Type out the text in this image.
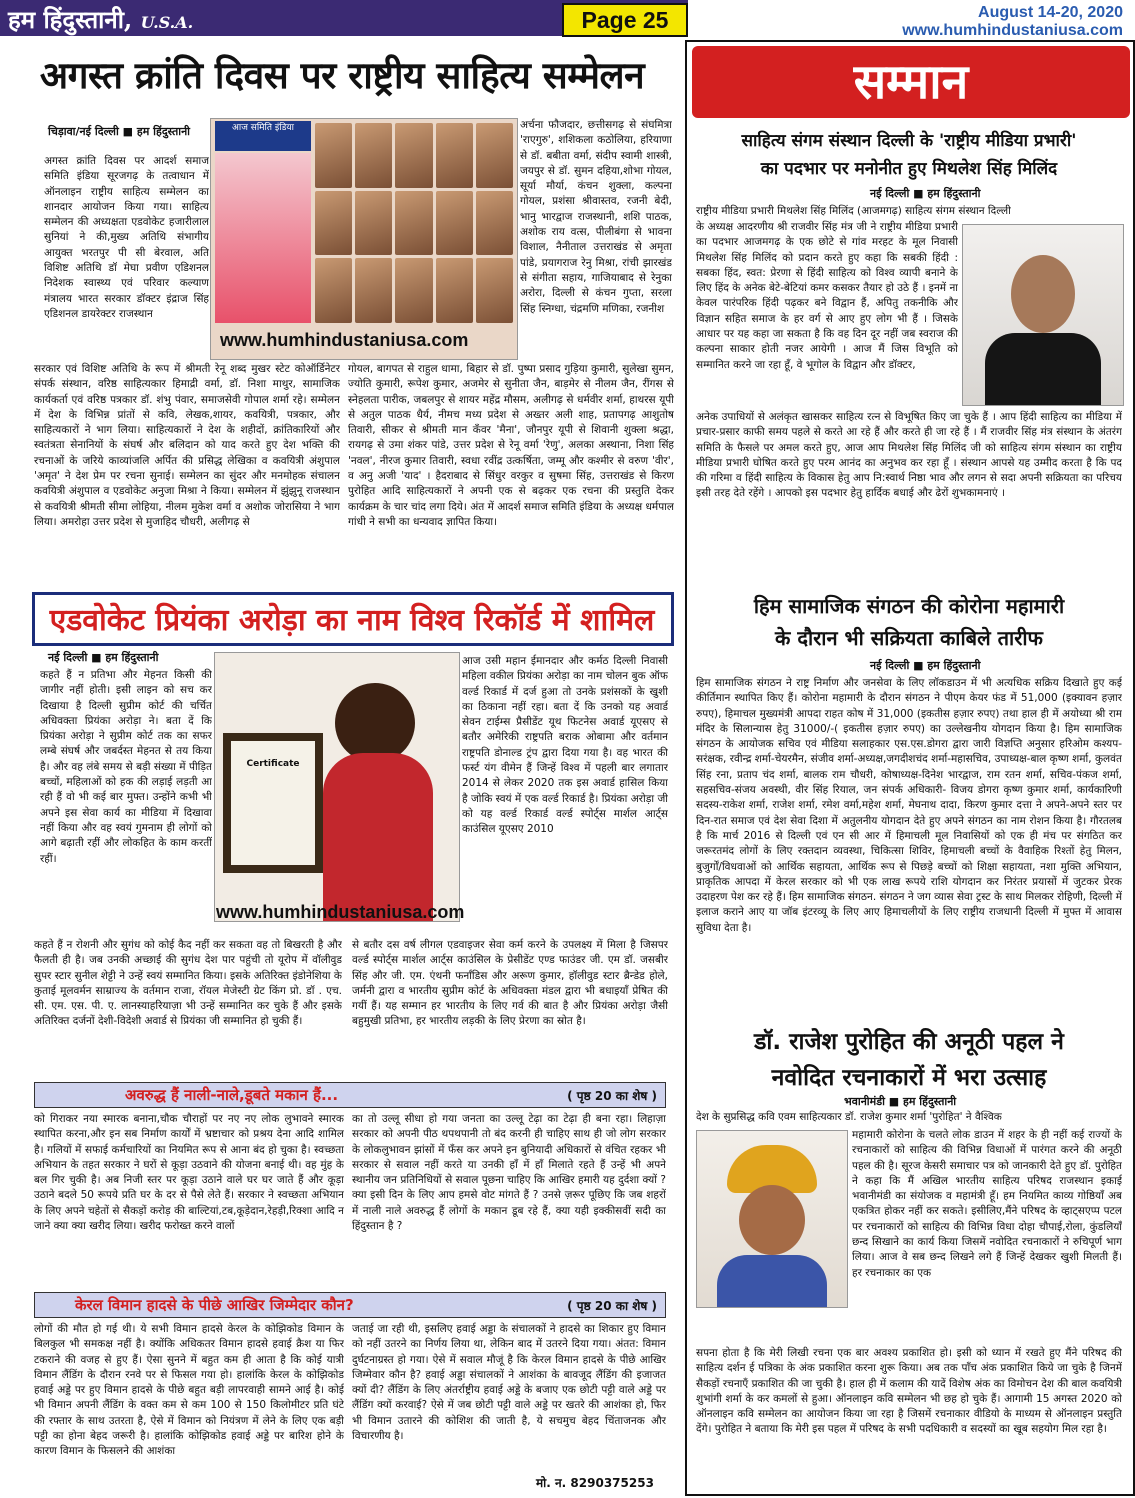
हम हिंदुस्तानी, U.S.A.	Page 25	August 14-20, 2020
www.humhindustaniusa.com
अगस्त क्रांति दिवस पर राष्ट्रीय साहित्य सम्मेलन
चिड़ावा/नई दिल्ली ■ हम हिंदुस्तानी
अगस्त क्रांति दिवस पर आदर्श समाज समिति इंडिया सूरजगढ़ के तत्वाधान में ऑनलाइन राष्ट्रीय साहित्य सम्मेलन का शानदार आयोजन किया गया। साहित्य सम्मेलन की अध्यक्षता एडवोकेट हजारीलाल सुनियां ने की,मुख्य अतिथि संभागीय आयुक्त भरतपुर पी सी बेरवाल, अति विशिष्ट अतिथि डॉ मेघा प्रवीण एडिशनल निदेशक स्वास्थ्य एवं परिवार कल्याण मंत्रालय भारत सरकार डॉक्टर इंद्राज सिंह एडिशनल डायरेक्टर राजस्थान
आज समिति इंडिया
www.humhindustaniusa.com
अर्चना फौजदार, छत्तीसगढ़ से संघमित्रा 'राएगुरु', शशिकला कठोलिया, हरियाणा से डॉ. बबीता वर्मा, संदीप स्वामी शास्त्री, जयपुर से डॉ. सुमन दहिया,शोभा गोयल, सूर्या मौर्या, कंचन शुक्ला, कल्पना गोयल, प्रशंसा श्रीवास्तव, रजनी बेदी, भानु भारद्वाज राजस्थानी, शशि पाठक, अशोक राय वत्स, पीलीबंगा से भावना विशाल, नैनीताल उत्तराखंड से अमृता पांडे, प्रयागराज रेनु मिश्रा, रांची झारखंड से संगीता सहाय, गाजियाबाद से रेनुका अरोरा, दिल्ली से कंचन गुप्ता, सरला सिंह स्निग्धा, चंद्रमणि मणिका, रजनीश
सरकार एवं विशिष्ट अतिथि के रूप में श्रीमती रेनू शब्द मुखर स्टेट कोऑर्डिनेटर संपर्क संस्थान, वरिष्ठ साहित्यकार हिमाद्री वर्मा, डॉ. निशा माथुर, सामाजिक कार्यकर्ता एवं वरिष्ठ पत्रकार डॉ. शंभु पंवार, समाजसेवी गोपाल शर्मा रहे। सम्मेलन में देश के विभिन्न प्रांतों से कवि, लेखक,शायर, कवयित्री, पत्रकार, और साहित्यकारों ने भाग लिया। साहित्यकारों ने देश के शहीदों, क्रांतिकारियों और स्वतंत्रता सेनानियों के संघर्ष और बलिदान को याद करते हुए देश भक्ति की रचनाओं के जरिये काव्यांजलि अर्पित की प्रसिद्ध लेखिका व कवयित्री अंशुपाल 'अमृत' ने देश प्रेम पर रचना सुनाई। सम्मेलन का सुंदर और मनमोहक संचालन कवयित्री अंशुपाल व एडवोकेट अनुजा मिश्रा ने किया। सम्मेलन में झुंझुनू राजस्थान से कवयित्री श्रीमती सीमा लोहिया, नीलम मुकेश वर्मा व अशोक जोरासिया ने भाग लिया। अमरोहा उत्तर प्रदेश से मुजाहिद चौधरी, अलीगढ़ से
गोयल, बागपत से राहुल धामा, बिहार से डॉ. पुष्पा प्रसाद गुड़िया कुमारी, सुलेखा सुमन, ज्योति कुमारी, रूपेश कुमार, अजमेर से सुनीता जैन, बाड़मेर से नीलम जैन, रींगस से स्नेहलता पारीक, जबलपुर से शायर महेंद्र मौसम, अलीगढ़ से धर्मवीर शर्मा, हाथरस यूपी से अतुल पाठक धैर्य, नीमच मध्य प्रदेश से अख्तर अली शाह, प्रतापगढ़ आशुतोष तिवारी, सीकर से श्रीमती मान कँवर 'मैना', जौनपुर यूपी से शिवानी शुक्ला श्रद्धा, रायगढ़ से उमा शंकर पांडे, उत्तर प्रदेश से रेनू वर्मा 'रेणु', अलका अस्थाना, निशा सिंह 'नवल', नीरज कुमार तिवारी, स्वधा रवींद्र उत्कर्षिता, जम्मू और कश्मीर से वरुण 'वीर', व अनु अजी 'याद' । हैदराबाद से सिंधुर वरकुर व सुषमा सिंह, उत्तराखंड से किरण पुरोहित आदि साहित्यकारों ने अपनी एक से बढ़कर एक रचना की प्रस्तुति देकर कार्यक्रम के चार चांद लगा दिये। अंत में आदर्श समाज समिति इंडिया के अध्यक्ष धर्मपाल गांधी ने सभी का धन्यवाद ज्ञापित किया।
एडवोकेट प्रियंका अरोड़ा का नाम विश्व रिकॉर्ड में शामिल
नई दिल्ली ■ हम हिंदुस्तानी
कहते हैं न प्रतिभा और मेहनत किसी की जागीर नहीं होती। इसी लाइन को सच कर दिखाया है दिल्ली सुप्रीम कोर्ट की चर्चित अधिवक्ता प्रियंका अरोड़ा ने। बता दें कि प्रियंका अरोड़ा ने सुप्रीम कोर्ट तक का सफर लम्बे संघर्ष और जबर्दस्त मेहनत से तय किया है। और वह लंबे समय से बड़ी संख्या में पीड़ित बच्चों, महिलाओं को हक की लड़ाई लड़ती आ रही हैं वो भी कई बार मुफ्त। उन्होंने कभी भी अपने इस सेवा कार्य का मीडिया में दिखावा नहीं किया और वह स्वयं गुमनाम ही लोगों को आगे बढ़ाती रहीं और लोकहित के काम करतीं रहीं।
Certificate
www.humhindustaniusa.com
आज उसी महान ईमानदार और कर्मठ दिल्ली निवासी महिला वकील प्रियंका अरोड़ा का नाम चोलन बुक ऑफ वर्ल्ड रिकार्ड में दर्ज हुआ तो उनके प्रशंसकों के खुशी का ठिकाना नहीं रहा। बता दें कि उनको यह अवार्ड सेवन टाईम्स प्रैसीडेंट यूथ फिटनेस अवार्ड यूएसए से बतौर अमेरिकी राष्ट्रपति बराक ओबामा और वर्तमान राष्ट्रपति डोनाल्ड ट्रंप द्वारा दिया गया है। वह भारत की फर्स्ट यंग वीमेन हैं जिन्हें विश्व में पहली बार लगातार 2014 से लेकर 2020 तक इस अवार्ड हासिल किया है जोकि स्वयं में एक वर्ल्ड रिकार्ड है। प्रियंका अरोड़ा जी को यह वर्ल्ड रिकार्ड वर्ल्ड स्पोर्ट्स मार्शल आर्ट्स काउंसिल यूएसए 2010
कहते हैं न रोशनी और सुगंध को कोई कैद नहीं कर सकता वह तो बिखरती है और फैलती ही है। जब उनकी अच्छाई की सुगंध देश पार पहुंची तो यूरोप में वॉलीवुड सुपर स्टार सुनील शेट्टी ने उन्हें स्वयं सम्मानित किया। इसके अतिरिक्त इंडोनेशिया के कुताई मूलवर्मन साम्राज्य के वर्तमान राजा, रॉयल मेजेस्टी ग्रेट किंग प्रो. डॉ . एच. सी. एम. एस. पी. ए. लानस्याहरियाज़ा भी उन्हें सम्मानित कर चुके हैं और इसके अतिरिक्त दर्जनों देशी-विदेशी अवार्ड से प्रियंका जी सम्मानित हो चुकी हैं।
से बतौर दस वर्ष लीगल एडवाइजर सेवा कर्म करने के उपलक्ष्य में मिला है जिसपर वर्ल्ड स्पोर्ट्स मार्शल आर्ट्स काउंसिल के प्रेसीडेंट एण्ड फाउंडर जी. एम डॉ. जसबीर सिंह और जी. एम. एंथनी फर्नांडिस और अरूण कुमार, हॉलीवुड स्टार ब्रैन्डेड होले, जर्मनी द्वारा व भारतीय सुप्रीम कोर्ट के अधिवक्ता मंडल द्वारा भी बधाइयाँ प्रेषित की गयीं हैं। यह सम्मान हर भारतीय के लिए गर्व की बात है और प्रियंका अरोड़ा जैसी बहुमुखी प्रतिभा, हर भारतीय लड़की के लिए प्रेरणा का स्रोत है।
अवरुद्ध हैं नाली-नाले,डूबते मकान हैं...	( पृष्ठ 20 का शेष )
को गिराकर नया स्मारक बनाना,चौक चौराहों पर नए नए लोक लुभावने स्मारक स्थापित करना,और इन सब निर्माण कार्यों में भ्रष्टाचार को प्रश्रय देना आदि शामिल है। गलियों में सफाई कर्मचारियों का नियमित रूप से आना बंद हो चुका है। स्वच्छता अभियान के तहत सरकार ने घरों से कूड़ा उठवाने की योजना बनाई थी। वह मुंह के बल गिर चुकी है। अब निजी स्तर पर कूड़ा उठाने वाले घर घर जाते हैं और कूड़ा उठाने बदले 50 रूपये प्रति घर के दर से पैसे लेते हैं। सरकार ने स्वच्छता अभियान के लिए अपने चहेतों से सैकड़ों करोड़ की बाल्टियां,टब,कूड़ेदान,रेहड़ी,रिक्शा आदि न जाने क्या क्या खरीद लिया। खरीद फरोख्त करने वालों
का तो उल्लू सीधा हो गया जनता का उल्लू टेढ़ा का टेढ़ा ही बना रहा। लिहाज़ा सरकार को अपनी पीठ थपथपानी तो बंद करनी ही चाहिए साथ ही जो लोग सरकार के लोकलुभावन झांसों में फँस कर अपने इन बुनियादी अधिकारों से वंचित रहकर भी सरकार से सवाल नहीं करते या उनकी हाँ में हाँ मिलाते रहते हैं उन्हें भी अपने स्थानीय जन प्रतिनिधियों से सवाल पूछना चाहिए कि आखिर हमारी यह दुर्दशा क्यों ?क्या इसी दिन के लिए आप हमसे वोट मांगते हैं ? उनसे ज़रूर पूछिए कि जब शहरों में नाली नाले अवरुद्ध हैं लोगों के मकान डूब रहे हैं, क्या यही इक्कीसवीं सदी का हिंदुस्तान है ?
केरल विमान हादसे के पीछे आखिर जिम्मेदार कौन?	( पृष्ठ 20 का शेष )
लोगों की मौत हो गई थी। ये सभी विमान हादसे केरल के कोझिकोड विमान के बिलकुल भी समकक्ष नहीं है। क्योंकि अधिकतर विमान हादसे हवाई क्रैश या फिर टकराने की वजह से हुए हैं। ऐसा सुनने में बहुत कम ही आता है कि कोई यात्री विमान लैंडिंग के दौरान रनवे पर से फिसल गया हो। हालांकि केरल के कोझिकोड हवाई अड्डे पर हुए विमान हादसे के पीछे बहुत बड़ी लापरवाही सामने आई है। कोई भी विमान अपनी लैंडिंग के वक्त कम से कम 100 से 150 किलोमीटर प्रति घंटे की रफ्तार के साथ उतरता है, ऐसे में विमान को नियंत्रण में लेने के लिए एक बड़ी पट्टी का होना बेहद जरूरी है। हालांकि कोझिकोड हवाई अड्डे पर बारिश होने के कारण विमान के फिसलने की आशंका
जताई जा रही थी, इसलिए हवाई अड्डा के संचालकों ने हादसे का शिकार हुए विमान को नहीं उतरने का निर्णय लिया था, लेकिन बाद में उतरने दिया गया। अंतत: विमान दुर्घटनाग्रस्त हो गया। ऐसे में सवाल मौजूं है कि केरल विमान हादसे के पीछे आखिर जिम्मेवार कौन है? हवाई अड्डा संचालकों ने आशंका के बावजूद लैंडिंग की इजाजत क्यों दी? लैंडिंग के लिए अंतर्राष्ट्रीय हवाई अड्डे के बजाए एक छोटी पट्टी वाले अड्डे पर लैंडिंग क्यों करवाई? ऐसे में जब छोटी पट्टी वाले अड्डे पर खतरे की आशंका हो, फिर भी विमान उतारने की कोशिश की जाती है, ये सचमुच बेहद चिंताजनक और विचारणीय है।
मो. न. 8290375253
सम्मान
साहित्य संगम संस्थान दिल्ली के 'राष्ट्रीय मीडिया प्रभारी'
का पदभार पर मनोनीत हुए मिथलेश सिंह मिलिंद
नई दिल्ली ■ हम हिंदुस्तानी
राष्ट्रीय मीडिया प्रभारी मिथलेश सिंह मिलिंद (आजमगढ़) साहित्य संगम संस्थान दिल्ली
के अध्यक्ष आदरणीय श्री राजवीर सिंह मंत्र जी ने राष्ट्रीय मीडिया प्रभारी का पदभार आजमगढ़ के एक छोटे से गांव मरहट के मूल निवासी मिथलेश सिंह मिलिंद को प्रदान करते हुए कहा कि सबकी हिंदी : सबका हिंद, स्वत: प्रेरणा से हिंदी साहित्य को विश्व व्यापी बनाने के लिए हिंद के अनेक बेटे-बेटियां कमर कसकर तैयार हो उठे हैं । इनमें ना केवल पारंपरिक हिंदी पढ़कर बने विद्वान हैं, अपितु तकनीकि और विज्ञान सहित समाज के हर वर्ग से आए हुए लोग भी हैं । जिसके आधार पर यह कहा जा सकता है कि वह दिन दूर नहीं जब स्वराज की कल्पना साकार होती नजर आयेगी । आज मैं जिस विभूति को सम्मानित करने जा रहा हूँ, वे भूगोल के विद्वान और डॉक्टर,
अनेक उपाधियों से अलंकृत खासकर साहित्य रत्न से विभूषित किए जा चुके हैं । आप हिंदी साहित्य का मीडिया में प्रचार-प्रसार काफी समय पहले से करते आ रहे हैं और करते ही जा रहे हैं । मैं राजवीर सिंह मंत्र संस्थान के अंतरंग समिति के फैसले पर अमल करते हुए, आज आप मिथलेश सिंह मिलिंद जी को साहित्य संगम संस्थान का राष्ट्रीय मीडिया प्रभारी घोषित करते हुए परम आनंद का अनुभव कर रहा हूँ । संस्थान आपसे यह उम्मीद करता है कि पद की गरिमा व हिंदी साहित्य के विकास हेतु आप नि:स्वार्थ निष्ठा भाव और लगन से सदा अपनी सक्रियता का परिचय इसी तरह देते रहेंगे । आपको इस पदभार हेतु हार्दिक बधाई और ढेरों शुभकामनाएं ।
हिम सामाजिक संगठन की कोरोना महामारी
के दौरान भी सक्रियता काबिले तारीफ
नई दिल्ली ■ हम हिंदुस्तानी
हिम सामाजिक संगठन ने राष्ट्र निर्माण और जनसेवा के लिए लॉकडाउन में भी अत्यधिक सक्रिय दिखाते हुए कई कीर्तिमान स्थापित किए हैं। कोरोना महामारी के दौरान संगठन ने पीएम केयर फंड में 51,000 (इक्यावन हज़ार रुपए), हिमाचल मुख्यमंत्री आपदा राहत कोष में 31,000 (इकतीस हज़ार रुपए) तथा हाल ही में अयोध्या श्री राम मंदिर के सिलान्यास हेतु 31000/-( इकतीस हज़ार रुपए) का उल्लेखनीय योगदान किया है। हिम सामाजिक संगठन के आयोजक सचिव एवं मीडिया सलाहकार एस.एस.डोगरा द्वारा जारी विज्ञप्ति अनुसार हरिओम कश्यप-सरंक्षक, रवीन्द्र शर्मा-चेयरमैन, संजीव शर्मा-अध्यक्ष,जगदीशचंद शर्मा-महासचिव, उपाध्यक्ष-बाल कृष्ण शर्मा, कुलवंत सिंह रना, प्रताप चंद शर्मा, बालक राम चौधरी, कोषाध्यक्ष-दिनेश भारद्वाज, राम रतन शर्मा, सचिव-पंकज शर्मा, सहसचिव-संजय अवस्थी, वीर सिंह रियाल, जन संपर्क अधिकारी- विजय डोगरा कृष्ण कुमार शर्मा, कार्यकारिणी सदस्य-राकेश शर्मा, राजेश शर्मा, रमेश वर्मा,महेश शर्मा, मेघनाथ दादा, किरण कुमार दत्ता ने अपने-अपने स्तर पर दिन-रात समाज एवं देश सेवा दिशा में अतुलनीय योगदान देते हुए अपने संगठन का नाम रोशन किया है। गौरतलब है कि मार्च 2016 से दिल्ली एवं एन सी आर में हिमाचली मूल निवासियों को एक ही मंच पर संगठित कर जरूरतमंद लोगों के लिए रक्तदान व्यवस्था, चिकित्सा शिविर, हिमाचली बच्चों के वैवाहिक रिश्तों हेतु मिलन, बुजुर्गों/विधवाओं को आर्थिक सहायता, आर्थिक रूप से पिछड़े बच्चों को शिक्षा सहायता, नशा मुक्ति अभियान, प्राकृतिक आपदा में केरल सरकार को भी एक लाख रूपये राशि योगदान कर निरंतर प्रयासों में जुटकर प्रेरक उदाहरण पेश कर रहे हैं। हिम सामाजिक संगठन. संगठन ने जग व्यास सेवा ट्रस्ट के साथ मिलकर रोहिणी, दिल्ली में इलाज कराने आए या जॉब इंटरव्यू के लिए आए हिमाचलीयों के लिए राष्ट्रीय राजधानी दिल्ली में मुफ्त में आवास सुविधा देता है।
डॉ. राजेश पुरोहित की अनूठी पहल ने
नवोदित रचनाकारों में भरा उत्साह
भवानीमंडी ■ हम हिंदुस्तानी
देश के सुप्रसिद्ध कवि एवम साहित्यकार डॉ. राजेश कुमार शर्मा 'पुरोहित' ने वैश्विक
महामारी कोरोना के चलते लोक डाउन में शहर के ही नहीं कई राज्यों के रचनाकारों को साहित्य की विभिन्न विधाओं में पारंगत करने की अनूठी पहल की है। सूरज केसरी समाचार पत्र को जानकारी देते हुए डॉ. पुरोहित ने कहा कि मैं अखिल भारतीय साहित्य परिषद राजस्थान इकाई भवानीमंडी का संयोजक व महामंत्री हूँ। हम नियमित काव्य गोष्ठियाँ अब एकत्रित होकर नहीं कर सकते। इसीलिए,मैंने परिषद के व्हाट्सएप्प पटल पर रचनाकारों को साहित्य की विभिन्न विधा दोहा चौपाई,रोला, कुंडलियाँ छन्द सिखाने का कार्य किया जिसमें नवोदित रचनाकारों ने रुचिपूर्ण भाग लिया। आज वे सब छन्द लिखने लगे हैं जिन्हें देखकर खुशी मिलती हैं। हर रचनाकार का एक
सपना होता है कि मेरी लिखी रचना एक बार अवश्य प्रकाशित हो। इसी को ध्यान में रखते हुए मैंने परिषद की साहित्य दर्शन ई पत्रिका के अंक प्रकाशित करना शुरू किया। अब तक पाँच अंक प्रकाशित किये जा चुके है जिनमें सैकड़ों रचनाएँ प्रकाशित की जा चुकी है। हाल ही में कलाम की यादें विशेष अंक का विमोचन देश की बाल कवयित्री शुभांगी शर्मा के कर कमलों से हुआ। ऑनलाइन कवि सम्मेलन भी छह हो चुके हैं। आगामी 15 अगस्त 2020 को ऑनलाइन कवि सम्मेलन का आयोजन किया जा रहा है जिसमें रचनाकार वीडियो के माध्यम से ऑनलाइन प्रस्तुति देंगे। पुरोहित ने बताया कि मेरी इस पहल में परिषद के सभी पदधिकारी व सदस्यों का खूब सहयोग मिल रहा है।
